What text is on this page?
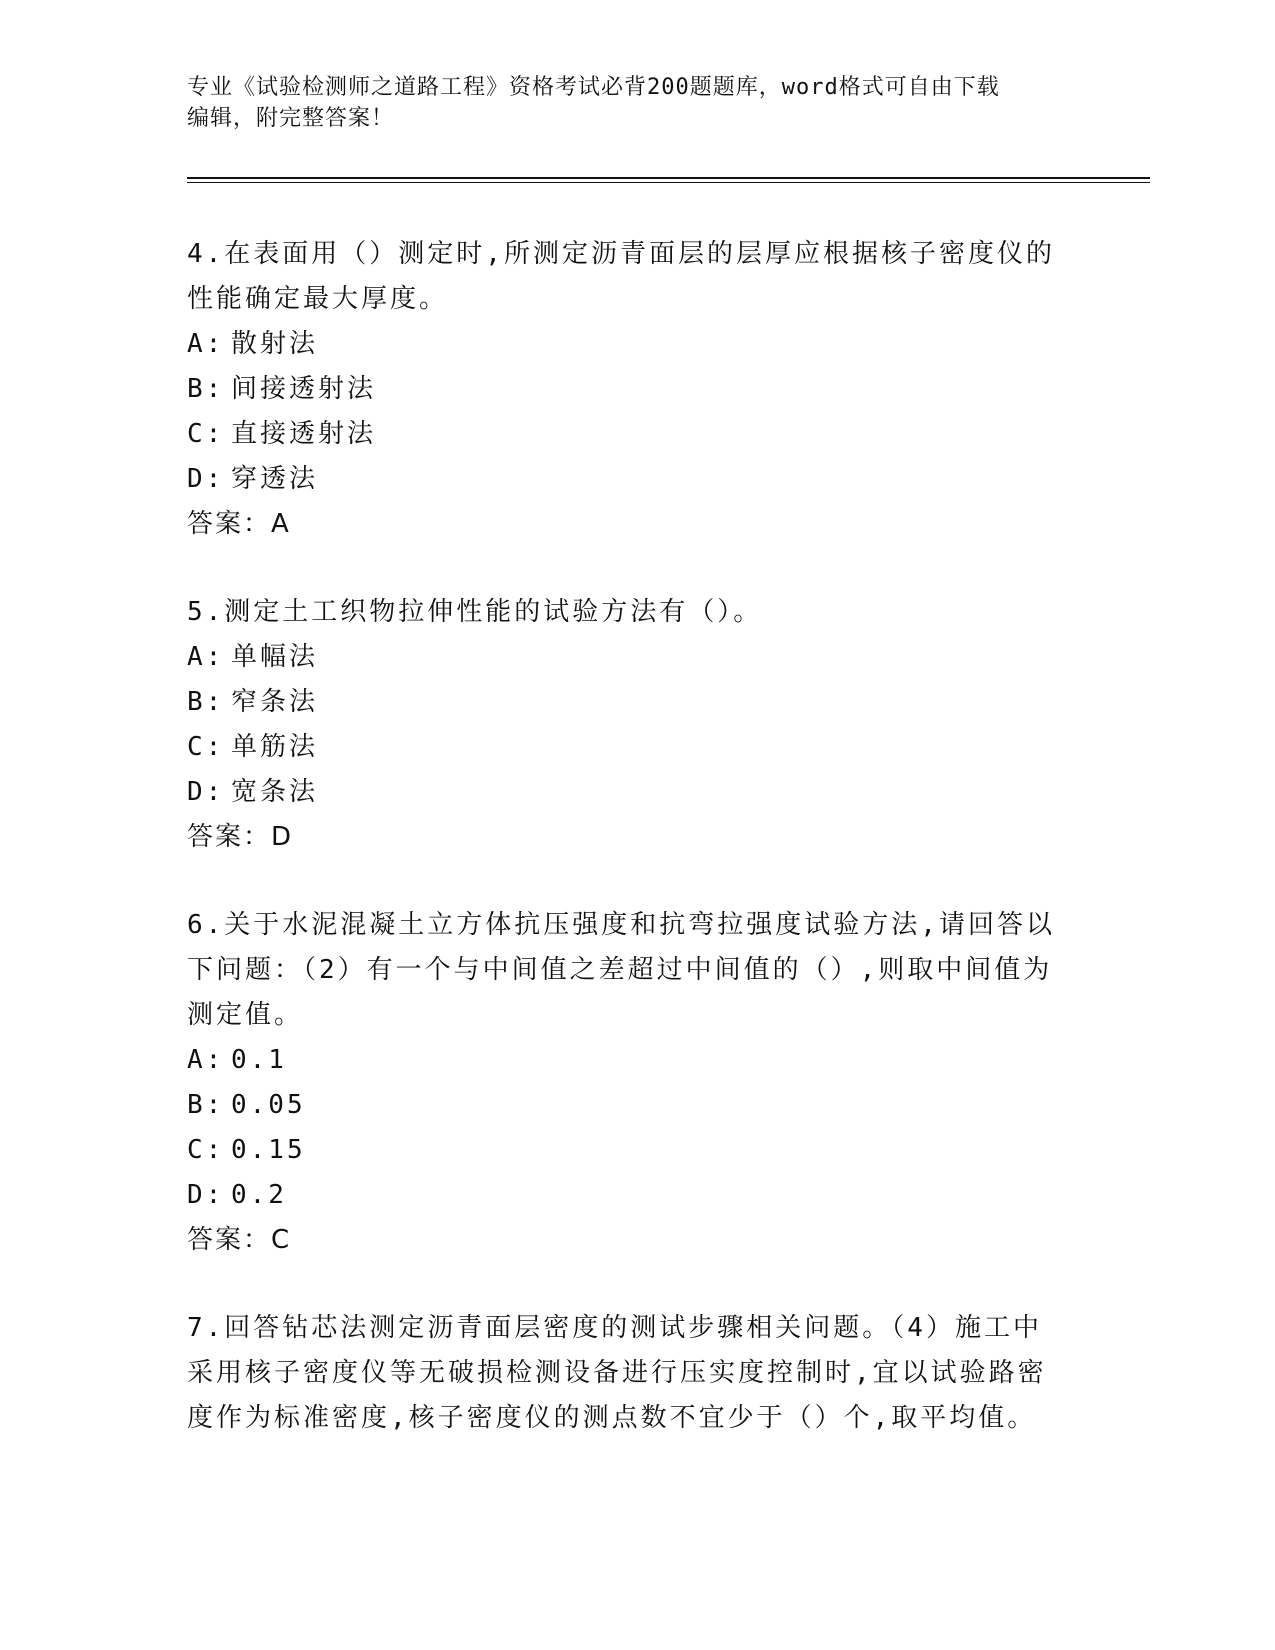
专业《试验检测师之道路工程》资格考试必背200题题库，word格式可自由下载
编辑，附完整答案！

4.在表面用（）测定时,所测定沥青面层的层厚应根据核子密度仪的性能确定最大厚度。

A: 散射法

B: 间接透射法

C: 直接透射法

D: 穿透法

答案：A

5.测定土工织物拉伸性能的试验方法有（）。

A: 单幅法

B: 窄条法

C: 单筋法

D: 宽条法

答案：D

6.关于水泥混凝土立方体抗压强度和抗弯拉强度试验方法,请回答以下问题：（2）有一个与中间值之差超过中间值的（）,则取中间值为测定值。

A: 0.1

B: 0.05

C: 0.15

D: 0.2

答案：C

7.回答钻芯法测定沥青面层密度的测试步骤相关问题。（4）施工中采用核子密度仪等无破损检测设备进行压实度控制时,宜以试验路密度作为标准密度,核子密度仪的测点数不宜少于（）个,取平均值。
